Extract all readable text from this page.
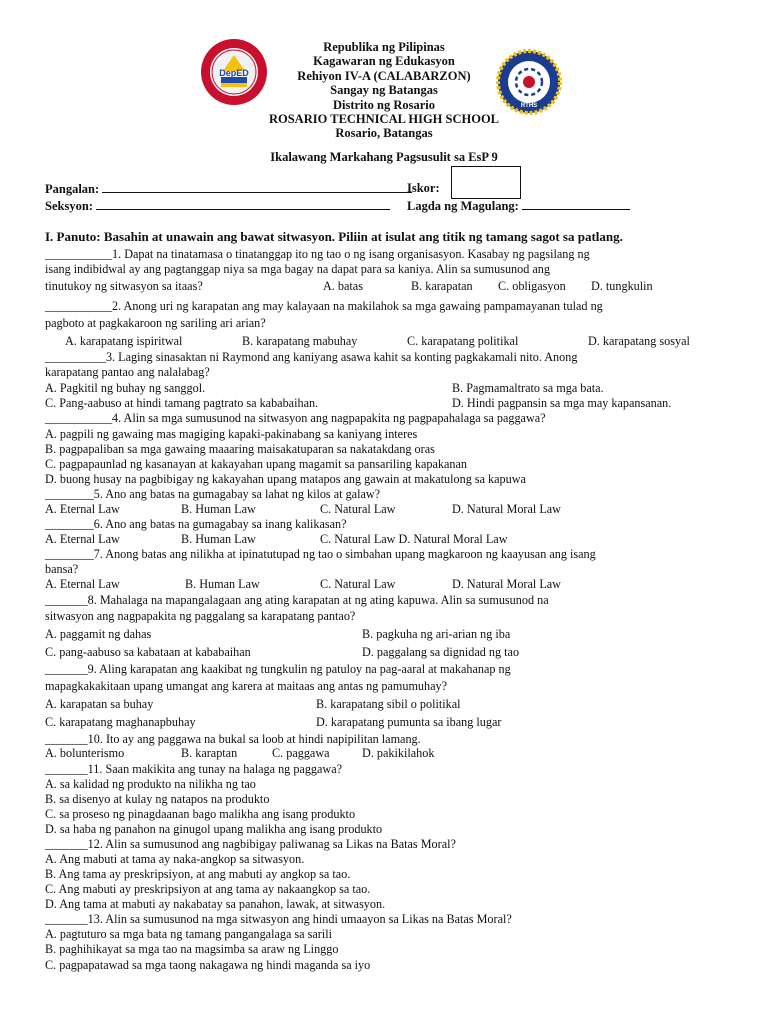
DepED
RTHS
Republika ng Pilipinas
Kagawaran ng Edukasyon
Rehiyon IV-A (CALABARZON)
Sangay ng Batangas
Distrito ng Rosario
ROSARIO TECHNICAL HIGH SCHOOL
Rosario, Batangas
Ikalawang Markahang Pagsusulit sa EsP 9
Pangalan:	Iskor:
Seksyon:	Lagda ng Magulang:
I. Panuto: Basahin at unawain ang bawat sitwasyon. Piliin at isulat ang titik ng tamang sagot sa patlang.
___________1. Dapat na tinatamasa o tinatanggap ito ng tao o ng isang organisasyon. Kasabay ng pagsilang ng
isang indibidwal ay ang pagtanggap niya sa mga bagay na dapat para sa kaniya. Alin sa sumusunod ang
tinutukoy ng sitwasyon sa itaas?	A. batas	B. karapatan C. obligasyon D. tungkulin
___________2. Anong uri ng karapatan ang may kalayaan na makilahok sa mga gawaing pampamayanan tulad ng
pagboto at pagkakaroon ng sariling ari arian?
A. karapatang ispiritwal	B. karapatang mabuhay	C. karapatang politikal	D. karapatang sosyal
__________3. Laging sinasaktan ni Raymond ang kaniyang asawa kahit sa konting pagkakamali nito. Anong
karapatang pantao ang nalalabag?
A. Pagkitil ng buhay ng sanggol.	B. Pagmamaltrato sa mga bata.
C. Pang-aabuso at hindi tamang pagtrato sa kababaihan.	D. Hindi pagpansin sa mga may kapansanan.
___________4. Alin sa mga sumusunod na sitwasyon ang nagpapakita ng pagpapahalaga sa paggawa?
A. pagpili ng gawaing mas magiging kapaki-pakinabang sa kaniyang interes
B. pagpapaliban sa mga gawaing maaaring maisakatuparan sa nakatakdang oras
C. pagpapaunlad ng kasanayan at kakayahan upang magamit sa pansariling kapakanan
D. buong husay na pagbibigay ng kakayahan upang matapos ang gawain at makatulong sa kapuwa
________5. Ano ang batas na gumagabay sa lahat ng kilos at galaw?
A. Eternal Law	B. Human Law	C. Natural Law	D. Natural Moral Law
________6. Ano ang batas na gumagabay sa inang kalikasan?
A. Eternal Law	B. Human Law	C. Natural Law D. Natural Moral Law
________7. Anong batas ang nilikha at ipinatutupad ng tao o simbahan upang magkaroon ng kaayusan ang isang
bansa?
A. Eternal Law	B. Human Law	C. Natural Law	D. Natural Moral Law
_______8. Mahalaga na mapangalagaan ang ating karapatan at ng ating kapuwa. Alin sa sumusunod na
sitwasyon ang nagpapakita ng paggalang sa karapatang pantao?
A. paggamit ng dahas	B. pagkuha ng ari-arian ng iba
C. pang-aabuso sa kabataan at kababaihan	D. paggalang sa dignidad ng tao
_______9. Aling karapatan ang kaakibat ng tungkulin ng patuloy na pag-aaral at makahanap ng
mapagkakakitaan upang umangat ang karera at maitaas ang antas ng pamumuhay?
A. karapatan sa buhay	B. karapatang sibil o politikal
C. karapatang maghanapbuhay	D. karapatang pumunta sa ibang lugar
_______10. Ito ay ang paggawa na bukal sa loob at hindi napipilitan lamang.
A. bolunterismo	B. karaptan	C. paggawa	D. pakikilahok
_______11. Saan makikita ang tunay na halaga ng paggawa?
A. sa kalidad ng produkto na nilikha ng tao
B. sa disenyo at kulay ng natapos na produkto
C. sa proseso ng pinagdaanan bago malikha ang isang produkto
D. sa haba ng panahon na ginugol upang malikha ang isang produkto
_______12. Alin sa sumusunod ang nagbibigay paliwanag sa Likas na Batas Moral?
A. Ang mabuti at tama ay naka-angkop sa sitwasyon.
B. Ang tama ay preskripsiyon, at ang mabuti ay angkop sa tao.
C. Ang mabuti ay preskripsiyon at ang tama ay nakaangkop sa tao.
D. Ang tama at mabuti ay nakabatay sa panahon, lawak, at sitwasyon.
_______13. Alin sa sumusunod na mga sitwasyon ang hindi umaayon sa Likas na Batas Moral?
A. pagtuturo sa mga bata ng tamang pangangalaga sa sarili
B. paghihikayat sa mga tao na magsimba sa araw ng Linggo
C. pagpapatawad sa mga taong nakagawa ng hindi maganda sa iyo
